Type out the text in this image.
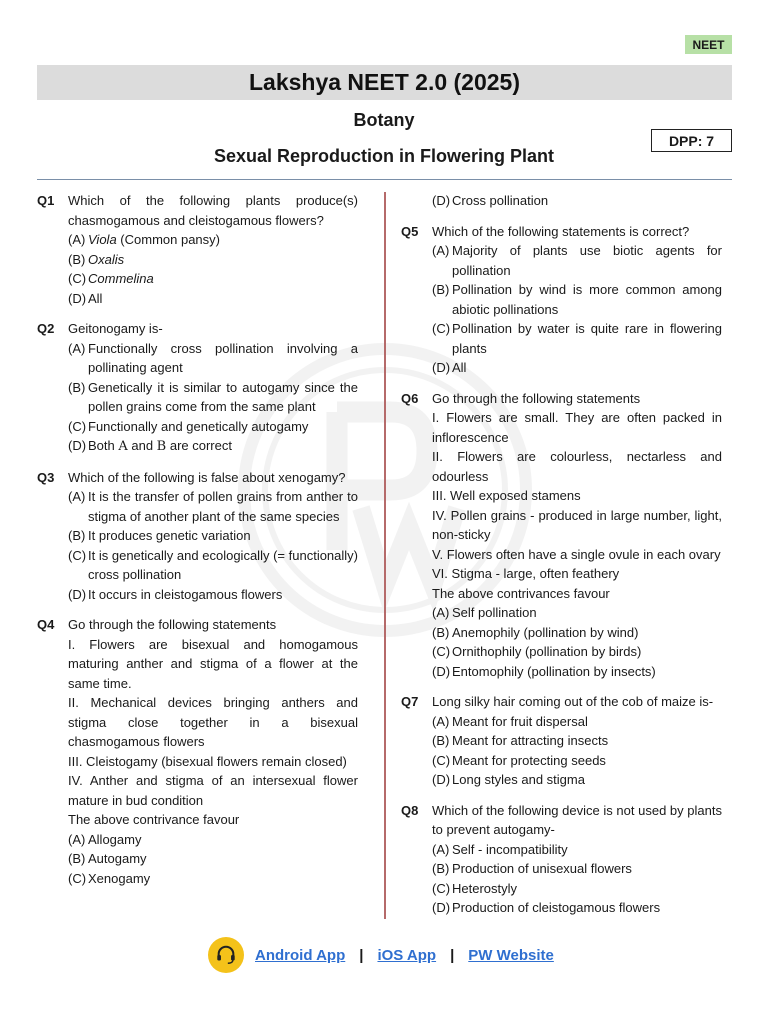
NEET
Lakshya NEET 2.0 (2025)
Botany
Sexual Reproduction in Flowering Plant
DPP: 7
Q1	Which of the following plants produce(s) chasmogamous and cleistogamous flowers?
(A) Viola (Common pansy)
(B) Oxalis
(C) Commelina
(D) All
Q2	Geitonogamy is-
(A) Functionally cross pollination involving a pollinating agent
(B) Genetically it is similar to autogamy since the pollen grains come from the same plant
(C) Functionally and genetically autogamy
(D) Both A and B are correct
Q3	Which of the following is false about xenogamy?
(A) It is the transfer of pollen grains from anther to stigma of another plant of the same species
(B) It produces genetic variation
(C) It is genetically and ecologically (= functionally) cross pollination
(D) It occurs in cleistogamous flowers
Q4	Go through the following statements
I. Flowers are bisexual and homogamous maturing anther and stigma of a flower at the same time.
II. Mechanical devices bringing anthers and stigma close together in a bisexual chasmogamous flowers
III. Cleistogamy (bisexual flowers remain closed)
IV. Anther and stigma of an intersexual flower mature in bud condition
The above contrivance favour
(A) Allogamy
(B) Autogamy
(C) Xenogamy
(D) Cross pollination
Q5	Which of the following statements is correct?
(A) Majority of plants use biotic agents for pollination
(B) Pollination by wind is more common among abiotic pollinations
(C) Pollination by water is quite rare in flowering plants
(D) All
Q6	Go through the following statements
I. Flowers are small. They are often packed in inflorescence
II. Flowers are colourless, nectarless and odourless
III. Well exposed stamens
IV. Pollen grains - produced in large number, light, non-sticky
V. Flowers often have a single ovule in each ovary
VI. Stigma - large, often feathery
The above contrivances favour
(A) Self pollination
(B) Anemophily (pollination by wind)
(C) Ornithophily (pollination by birds)
(D) Entomophily (pollination by insects)
Q7	Long silky hair coming out of the cob of maize is-
(A) Meant for fruit dispersal
(B) Meant for attracting insects
(C) Meant for protecting seeds
(D) Long styles and stigma
Q8	Which of the following device is not used by plants to prevent autogamy-
(A) Self - incompatibility
(B) Production of unisexual flowers
(C) Heterostyly
(D) Production of cleistogamous flowers
Android App | iOS App | PW Website
